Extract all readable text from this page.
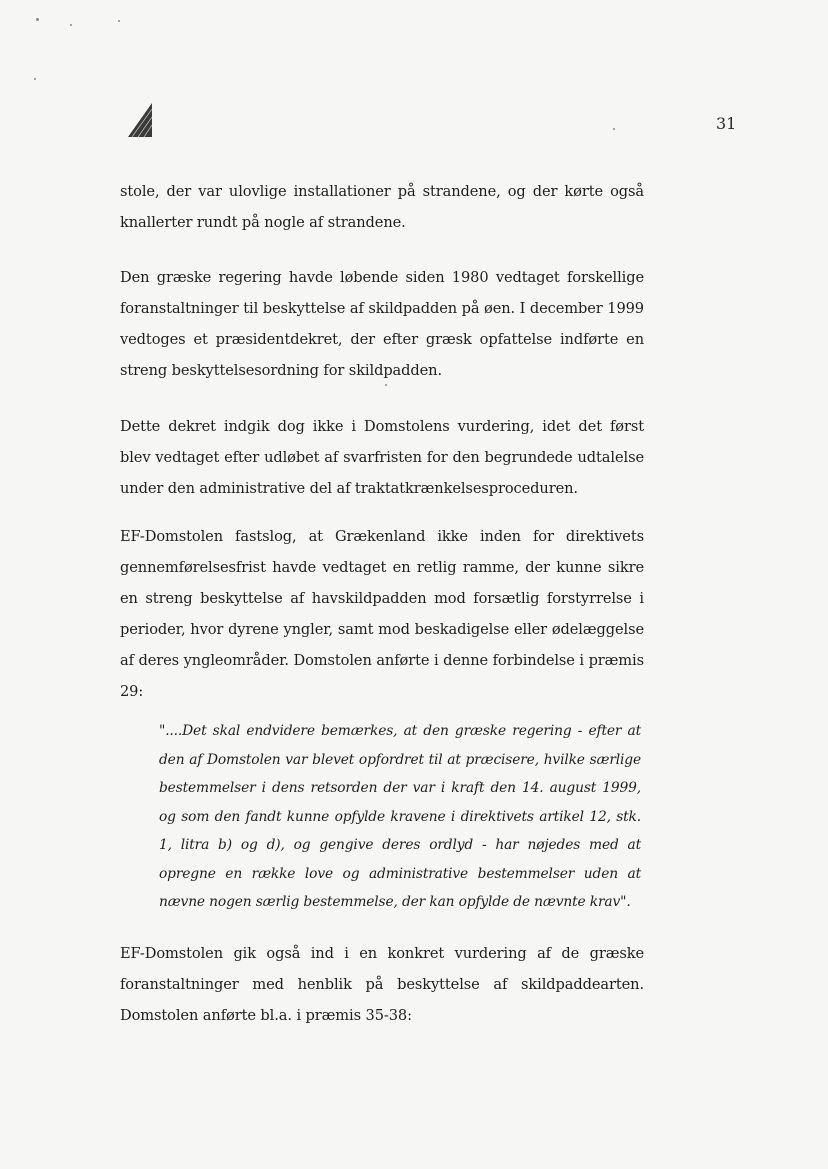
31

stole, der var ulovlige installationer på strandene, og der kørte også knallerter rundt på nogle af strandene.

Den græske regering havde løbende siden 1980 vedtaget forskellige foranstaltninger til beskyttelse af skildpadden på øen. I december 1999 vedtoges et præsidentdekret, der efter græsk opfattelse indførte en streng beskyttelsesordning for skildpadden.

Dette dekret indgik dog ikke i Domstolens vurdering, idet det først blev vedtaget efter udløbet af svarfristen for den begrundede udtalelse under den administrative del af traktatkrænkelsesproceduren.

EF-Domstolen fastslog, at Grækenland ikke inden for direktivets gennemførelsesfrist havde vedtaget en retlig ramme, der kunne sikre en streng beskyttelse af havskildpadden mod forsætlig forstyrrelse i perioder, hvor dyrene yngler, samt mod beskadigelse eller ødelæggelse af deres yngleområder. Domstolen anførte i denne forbindelse i præmis 29:

"....Det skal endvidere bemærkes, at den græske regering - efter at den af Domstolen var blevet opfordret til at præcisere, hvilke særlige bestemmelser i dens retsorden der var i kraft den 14. august 1999, og som den fandt kunne opfylde kravene i direktivets artikel 12, stk. 1, litra b) og d), og gengive deres ordlyd - har nøjedes med at opregne en række love og administrative bestemmelser uden at nævne nogen særlig bestemmelse, der kan opfylde de nævnte krav".

EF-Domstolen gik også ind i en konkret vurdering af de græske foranstaltninger med henblik på beskyttelse af skildpaddearten. Domstolen anførte bl.a. i præmis 35-38:
